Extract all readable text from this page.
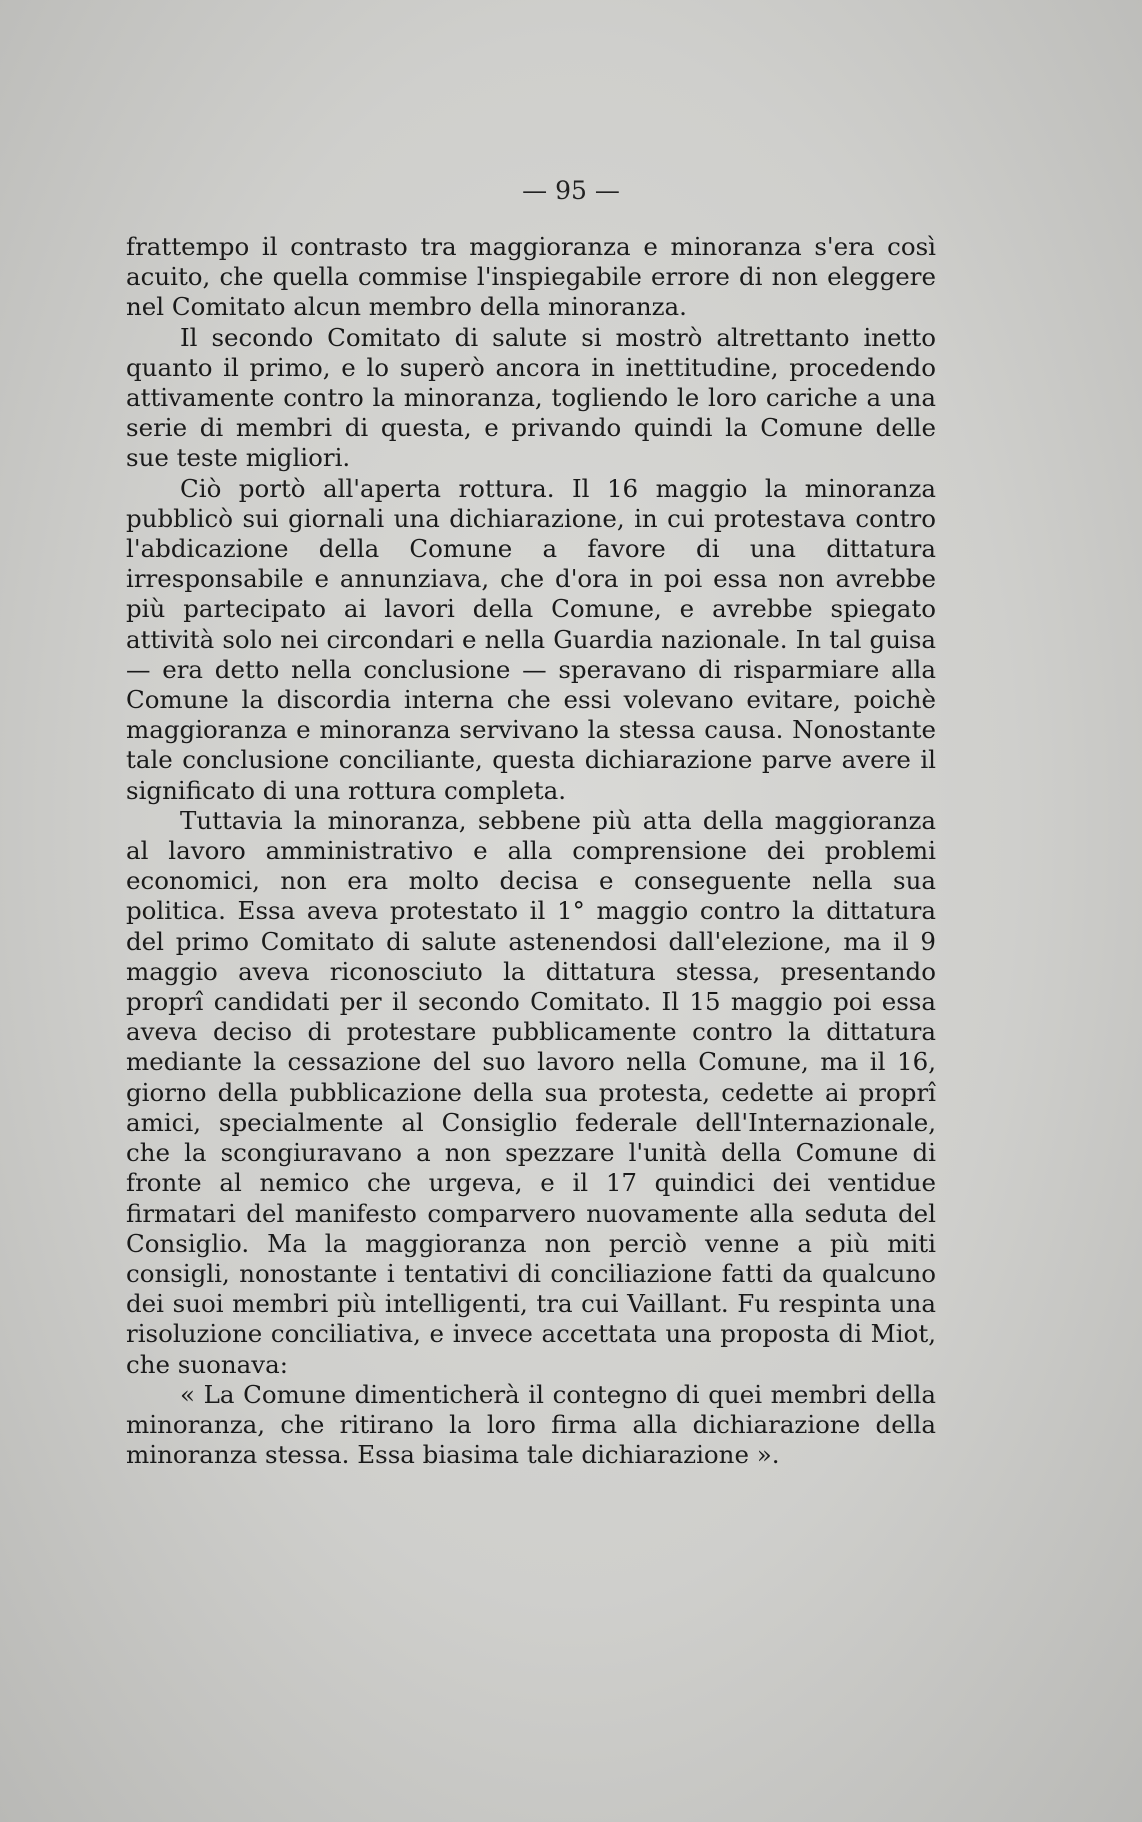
— 95 —

frattempo il contrasto tra maggioranza e minoranza s'era così acuito, che quella commise l'inspiegabile errore di non eleggere nel Comitato alcun membro della minoranza.

Il secondo Comitato di salute si mostrò altrettanto inetto quanto il primo, e lo superò ancora in inettitudine, procedendo attivamente contro la minoranza, togliendo le loro cariche a una serie di membri di questa, e privando quindi la Comune delle sue teste migliori.

Ciò portò all'aperta rottura. Il 16 maggio la minoranza pubblicò sui giornali una dichiarazione, in cui protestava contro l'abdicazione della Comune a favore di una dittatura irresponsabile e annunziava, che d'ora in poi essa non avrebbe più partecipato ai lavori della Comune, e avrebbe spiegato attività solo nei circondari e nella Guardia nazionale. In tal guisa — era detto nella conclusione — speravano di risparmiare alla Comune la discordia interna che essi volevano evitare, poichè maggioranza e minoranza servivano la stessa causa. Nonostante tale conclusione conciliante, questa dichiarazione parve avere il significato di una rottura completa.

Tuttavia la minoranza, sebbene più atta della maggioranza al lavoro amministrativo e alla comprensione dei problemi economici, non era molto decisa e conseguente nella sua politica. Essa aveva protestato il 1° maggio contro la dittatura del primo Comitato di salute astenendosi dall'elezione, ma il 9 maggio aveva riconosciuto la dittatura stessa, presentando proprî candidati per il secondo Comitato. Il 15 maggio poi essa aveva deciso di protestare pubblicamente contro la dittatura mediante la cessazione del suo lavoro nella Comune, ma il 16, giorno della pubblicazione della sua protesta, cedette ai proprî amici, specialmente al Consiglio federale dell'Internazionale, che la scongiuravano a non spezzare l'unità della Comune di fronte al nemico che urgeva, e il 17 quindici dei ventidue firmatari del manifesto comparvero nuovamente alla seduta del Consiglio. Ma la maggioranza non perciò venne a più miti consigli, nonostante i tentativi di conciliazione fatti da qualcuno dei suoi membri più intelligenti, tra cui Vaillant. Fu respinta una risoluzione conciliativa, e invece accettata una proposta di Miot, che suonava:

« La Comune dimenticherà il contegno di quei membri della minoranza, che ritirano la loro firma alla dichiarazione della minoranza stessa. Essa biasima tale dichiarazione ».
